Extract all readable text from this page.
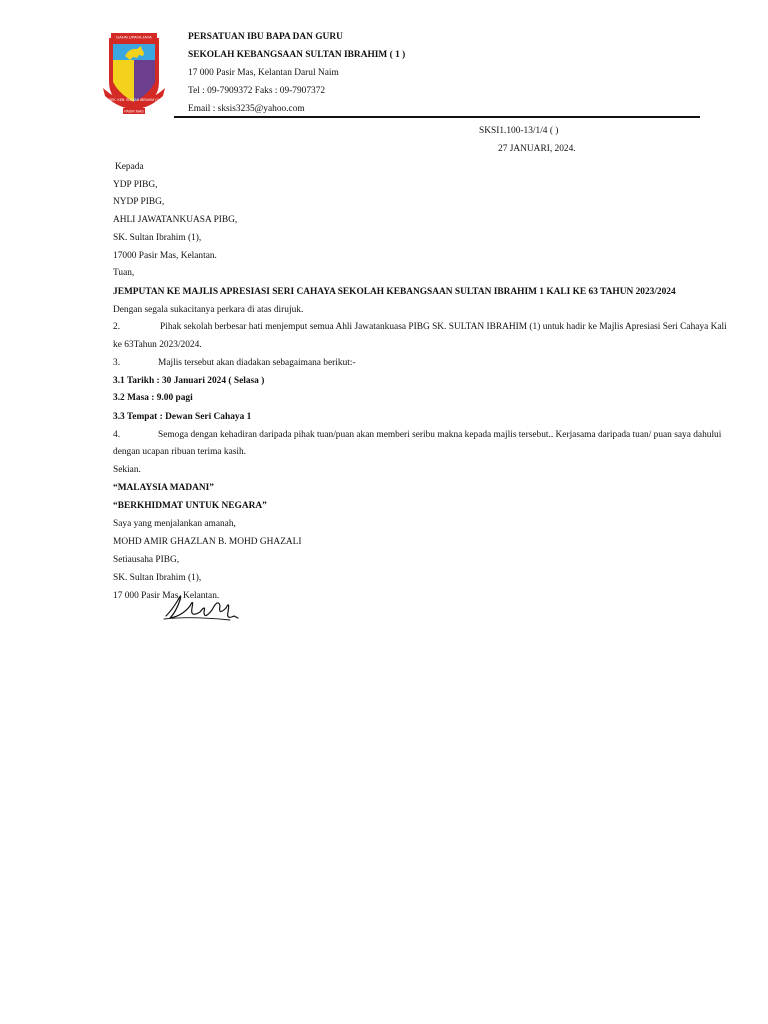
DAHN UPAYA JAYA
SEK. KEB. SULTAN IBRAHIM (1)
PASIR MAS
PERSATUAN IBU BAPA DAN GURU
SEKOLAH KEBANGSAAN SULTAN IBRAHIM ( 1 )
17 000 Pasir Mas, Kelantan Darul Naim
Tel : 09-7909372 Faks : 09-7907372
Email : sksis3235@yahoo.com
SKSI1.100-13/1/4 ( )
27 JANUARI, 2024.
Kepada
YDP PIBG,
NYDP PIBG,
AHLI JAWATANKUASA PIBG,
SK. Sultan Ibrahim (1),
17000 Pasir Mas, Kelantan.
Tuan,
JEMPUTAN KE MAJLIS APRESIASI SERI CAHAYA SEKOLAH KEBANGSAAN SULTAN IBRAHIM 1 KALI KE 63 TAHUN 2023/2024
Dengan segala sukacitanya perkara di atas dirujuk.
2.	Pihak sekolah berbesar hati menjemput semua Ahli Jawatankuasa PIBG SK. SULTAN IBRAHIM (1) untuk hadir ke Majlis Apresiasi Seri Cahaya Kali
ke 63Tahun 2023/2024.
3.	Majlis tersebut akan diadakan sebagaimana berikut:-
3.1 Tarikh : 30 Januari 2024 ( Selasa )
3.2 Masa : 9.00 pagi
3.3 Tempat : Dewan Seri Cahaya 1
4.	Semoga dengan kehadiran daripada pihak tuan/puan akan memberi seribu makna kepada majlis tersebut.. Kerjasama daripada tuan/ puan saya dahului
dengan ucapan ribuan terima kasih.
Sekian.
“MALAYSIA MADANI”
“BERKHIDMAT UNTUK NEGARA”
Saya yang menjalankan amanah,
MOHD AMIR GHAZLAN B. MOHD GHAZALI
Setiausaha PIBG,
SK. Sultan Ibrahim (1),
17 000 Pasir Mas, Kelantan.
